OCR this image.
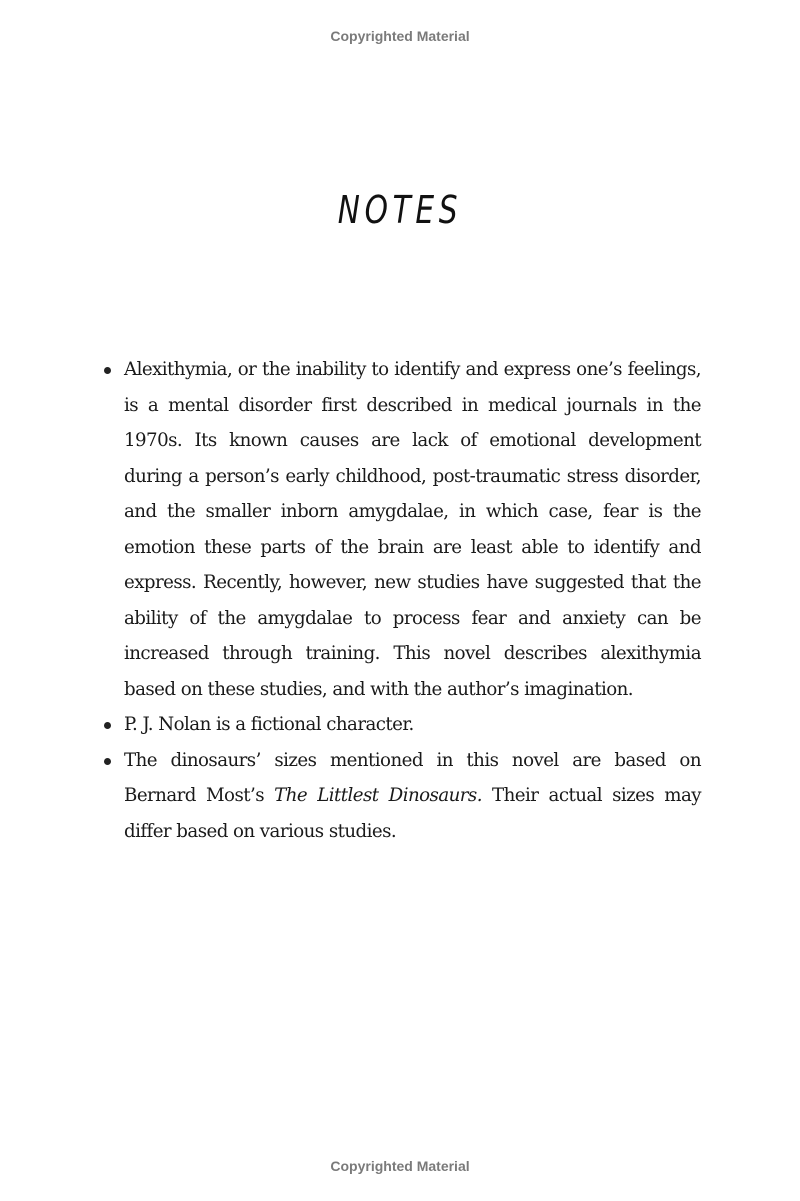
Copyrighted Material
NOTES
Alexithymia, or the inability to identify and express one’s feelings, is a mental disorder first described in medical journals in the 1970s. Its known causes are lack of emotional development during a person’s early childhood, post-traumatic stress disorder, and the smaller inborn amygdalae, in which case, fear is the emotion these parts of the brain are least able to identify and express. Recently, however, new studies have suggested that the ability of the amygdalae to process fear and anxiety can be increased through training. This novel describes alexithymia based on these studies, and with the author’s imagination.
P. J. Nolan is a fictional character.
The dinosaurs’ sizes mentioned in this novel are based on Bernard Most’s The Littlest Dinosaurs. Their actual sizes may differ based on various studies.
Copyrighted Material
